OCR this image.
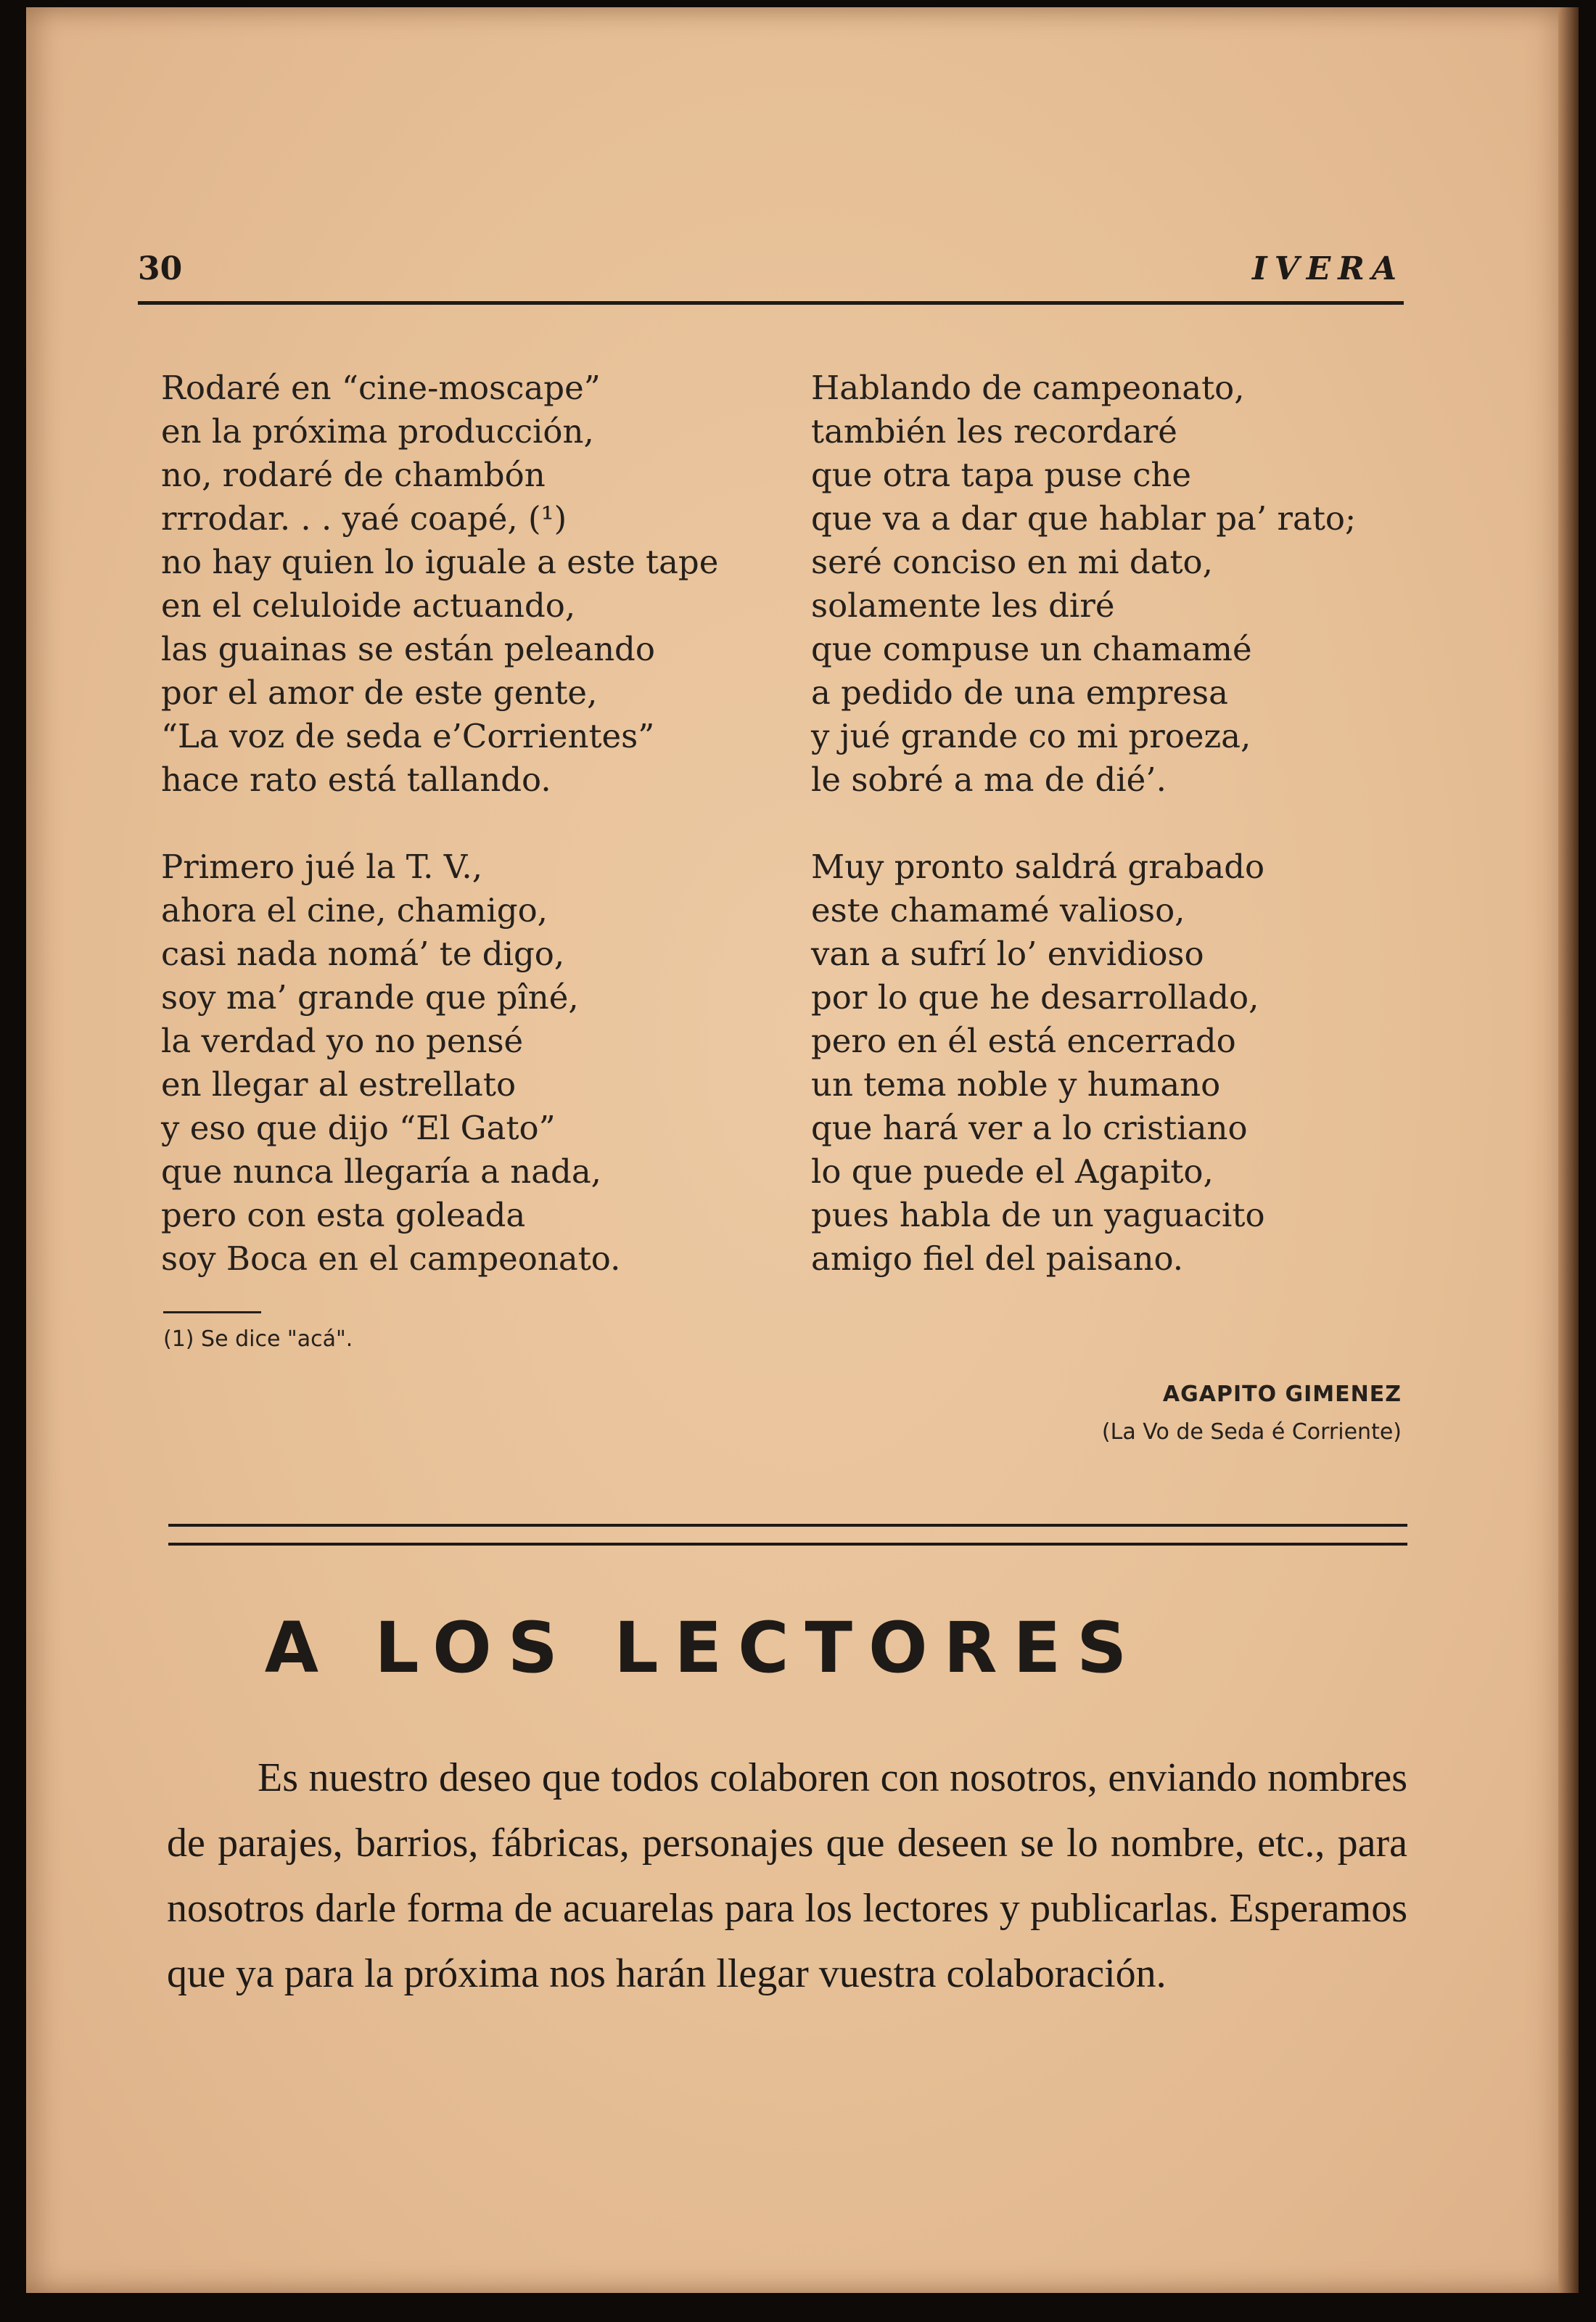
30	IVERA
Rodaré en “cine-moscape”
en la próxima producción,
no, rodaré de chambón
rrrodar. . . yaé coapé, (¹)
no hay quien lo iguale a este tape
en el celuloide actuando,
las guainas se están peleando
por el amor de este gente,
“La voz de seda e’Corrientes”
hace rato está tallando.
Primero jué la T. V.,
ahora el cine, chamigo,
casi nada nomá’ te digo,
soy ma’ grande que pîné,
la verdad yo no pensé
en llegar al estrellato
y eso que dijo “El Gato”
que nunca llegaría a nada,
pero con esta goleada
soy Boca en el campeonato.
Hablando de campeonato,
también les recordaré
que otra tapa puse che
que va a dar que hablar pa’ rato;
seré conciso en mi dato,
solamente les diré
que compuse un chamamé
a pedido de una empresa
y jué grande co mi proeza,
le sobré a ma de dié’.
Muy pronto saldrá grabado
este chamamé valioso,
van a sufrí lo’ envidioso
por lo que he desarrollado,
pero en él está encerrado
un tema noble y humano
que hará ver a lo cristiano
lo que puede el Agapito,
pues habla de un yaguacito
amigo fiel del paisano.
(1) Se dice "acá".
AGAPITO GIMENEZ
(La Vo de Seda é Corriente)
A LOS LECTORES

Es nuestro deseo que todos colaboren con nosotros, enviando nombres de parajes, barrios, fábricas, personajes que deseen se lo nombre, etc., para nosotros darle forma de acuarelas para los lectores y publicarlas. Esperamos que ya para la próxima nos harán llegar vuestra colaboración.
